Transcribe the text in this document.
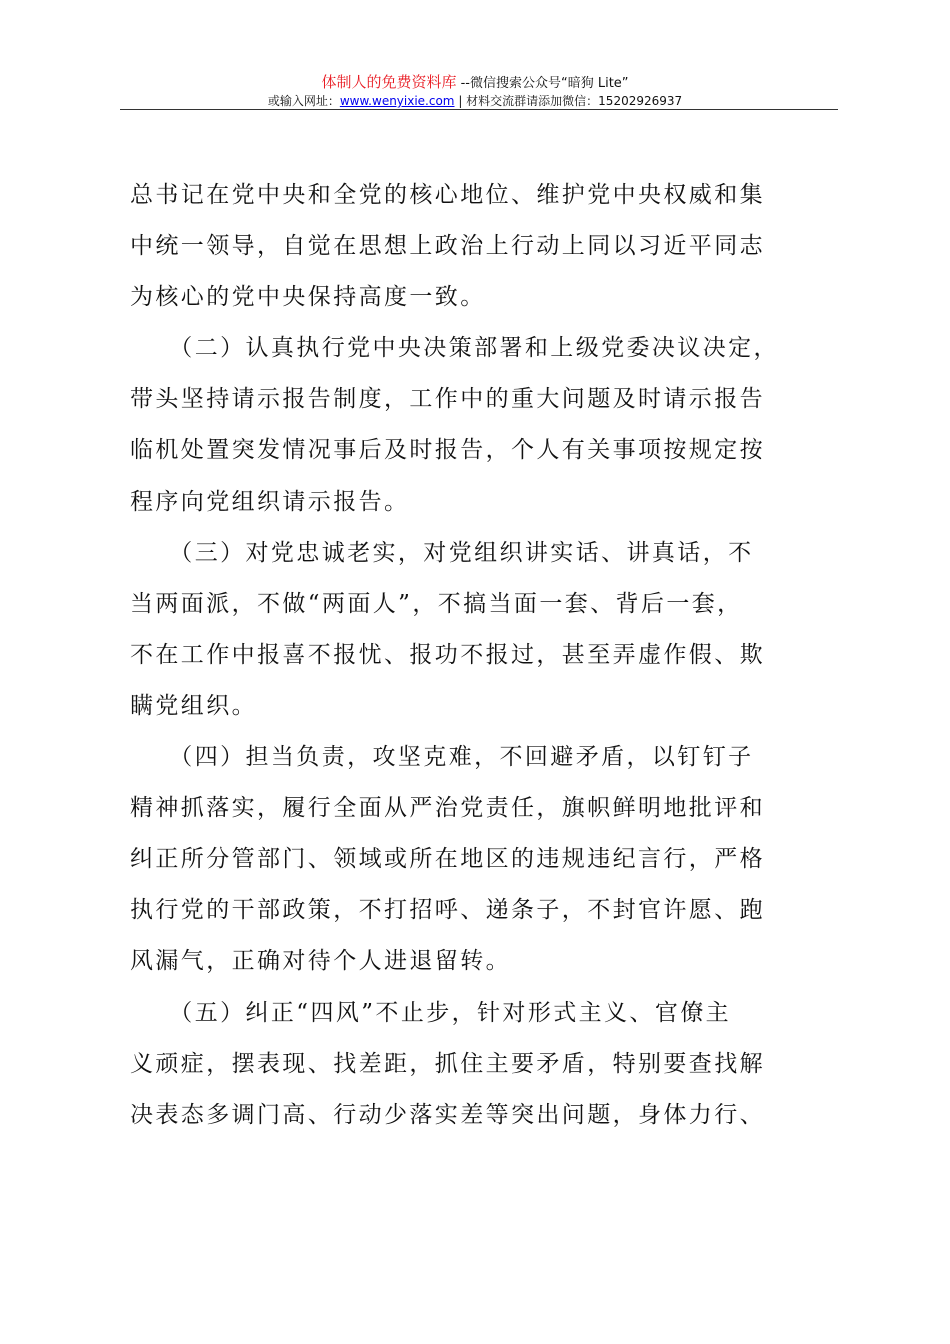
体制人的免费资料库 --微信搜索公众号“暗狗 Lite”
或输入网址：www.wenyixie.com | 材料交流群请添加微信：15202926937
总书记在党中央和全党的核心地位、维护党中央权威和集
中统一领导，自觉在思想上政治上行动上同以习近平同志
为核心的党中央保持高度一致。
　　（二）认真执行党中央决策部署和上级党委决议决定，
带头坚持请示报告制度，工作中的重大问题及时请示报告
临机处置突发情况事后及时报告，个人有关事项按规定按
程序向党组织请示报告。
　　（三）对党忠诚老实，对党组织讲实话、讲真话，不
当两面派，不做“两面人”，不搞当面一套、背后一套，
不在工作中报喜不报忧、报功不报过，甚至弄虚作假、欺
瞒党组织。
　　（四）担当负责，攻坚克难，不回避矛盾，以钉钉子
精神抓落实，履行全面从严治党责任，旗帜鲜明地批评和
纠正所分管部门、领域或所在地区的违规违纪言行，严格
执行党的干部政策，不打招呼、递条子，不封官许愿、跑
风漏气，正确对待个人进退留转。
　　（五）纠正“四风”不止步，针对形式主义、官僚主
义顽症，摆表现、找差距，抓住主要矛盾，特别要查找解
决表态多调门高、行动少落实差等突出问题，身体力行、
